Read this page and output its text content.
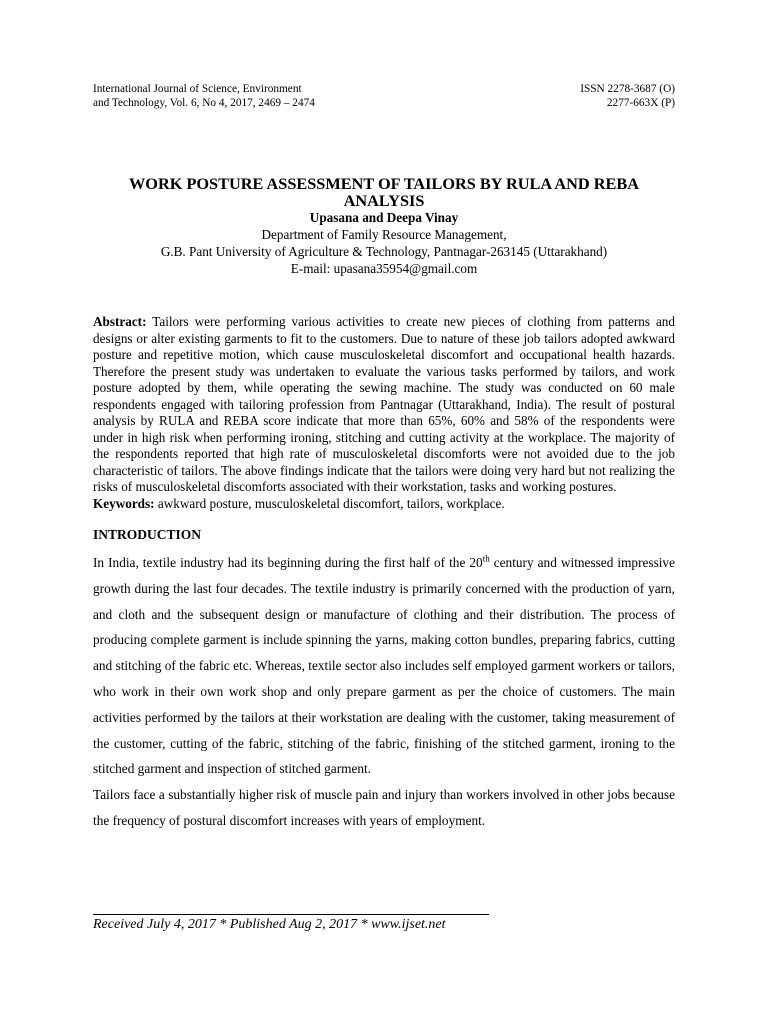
International Journal of Science, Environment
and Technology, Vol. 6, No 4, 2017, 2469 – 2474
ISSN 2278-3687 (O)
2277-663X (P)
WORK POSTURE ASSESSMENT OF TAILORS BY RULA AND REBA
ANALYSIS
Upasana and Deepa Vinay
Department of Family Resource Management,
G.B. Pant University of Agriculture & Technology, Pantnagar-263145 (Uttarakhand)
E-mail: upasana35954@gmail.com
Abstract: Tailors were performing various activities to create new pieces of clothing from patterns and designs or alter existing garments to fit to the customers. Due to nature of these job tailors adopted awkward posture and repetitive motion, which cause musculoskeletal discomfort and occupational health hazards. Therefore the present study was undertaken to evaluate the various tasks performed by tailors, and work posture adopted by them, while operating the sewing machine. The study was conducted on 60 male respondents engaged with tailoring profession from Pantnagar (Uttarakhand, India). The result of postural analysis by RULA and REBA score indicate that more than 65%, 60% and 58% of the respondents were under in high risk when performing ironing, stitching and cutting activity at the workplace. The majority of the respondents reported that high rate of musculoskeletal discomforts were not avoided due to the job characteristic of tailors. The above findings indicate that the tailors were doing very hard but not realizing the risks of musculoskeletal discomforts associated with their workstation, tasks and working postures.
Keywords: awkward posture, musculoskeletal discomfort, tailors, workplace.
INTRODUCTION

In India, textile industry had its beginning during the first half of the 20th century and witnessed impressive growth during the last four decades. The textile industry is primarily concerned with the production of yarn, and cloth and the subsequent design or manufacture of clothing and their distribution. The process of producing complete garment is include spinning the yarns, making cotton bundles, preparing fabrics, cutting and stitching of the fabric etc. Whereas, textile sector also includes self employed garment workers or tailors, who work in their own work shop and only prepare garment as per the choice of customers. The main activities performed by the tailors at their workstation are dealing with the customer, taking measurement of the customer, cutting of the fabric, stitching of the fabric, finishing of the stitched garment, ironing to the stitched garment and inspection of stitched garment.

Tailors face a substantially higher risk of muscle pain and injury than workers involved in other jobs because the frequency of postural discomfort increases with years of employment.

Received July 4, 2017 * Published Aug 2, 2017 * www.ijset.net
